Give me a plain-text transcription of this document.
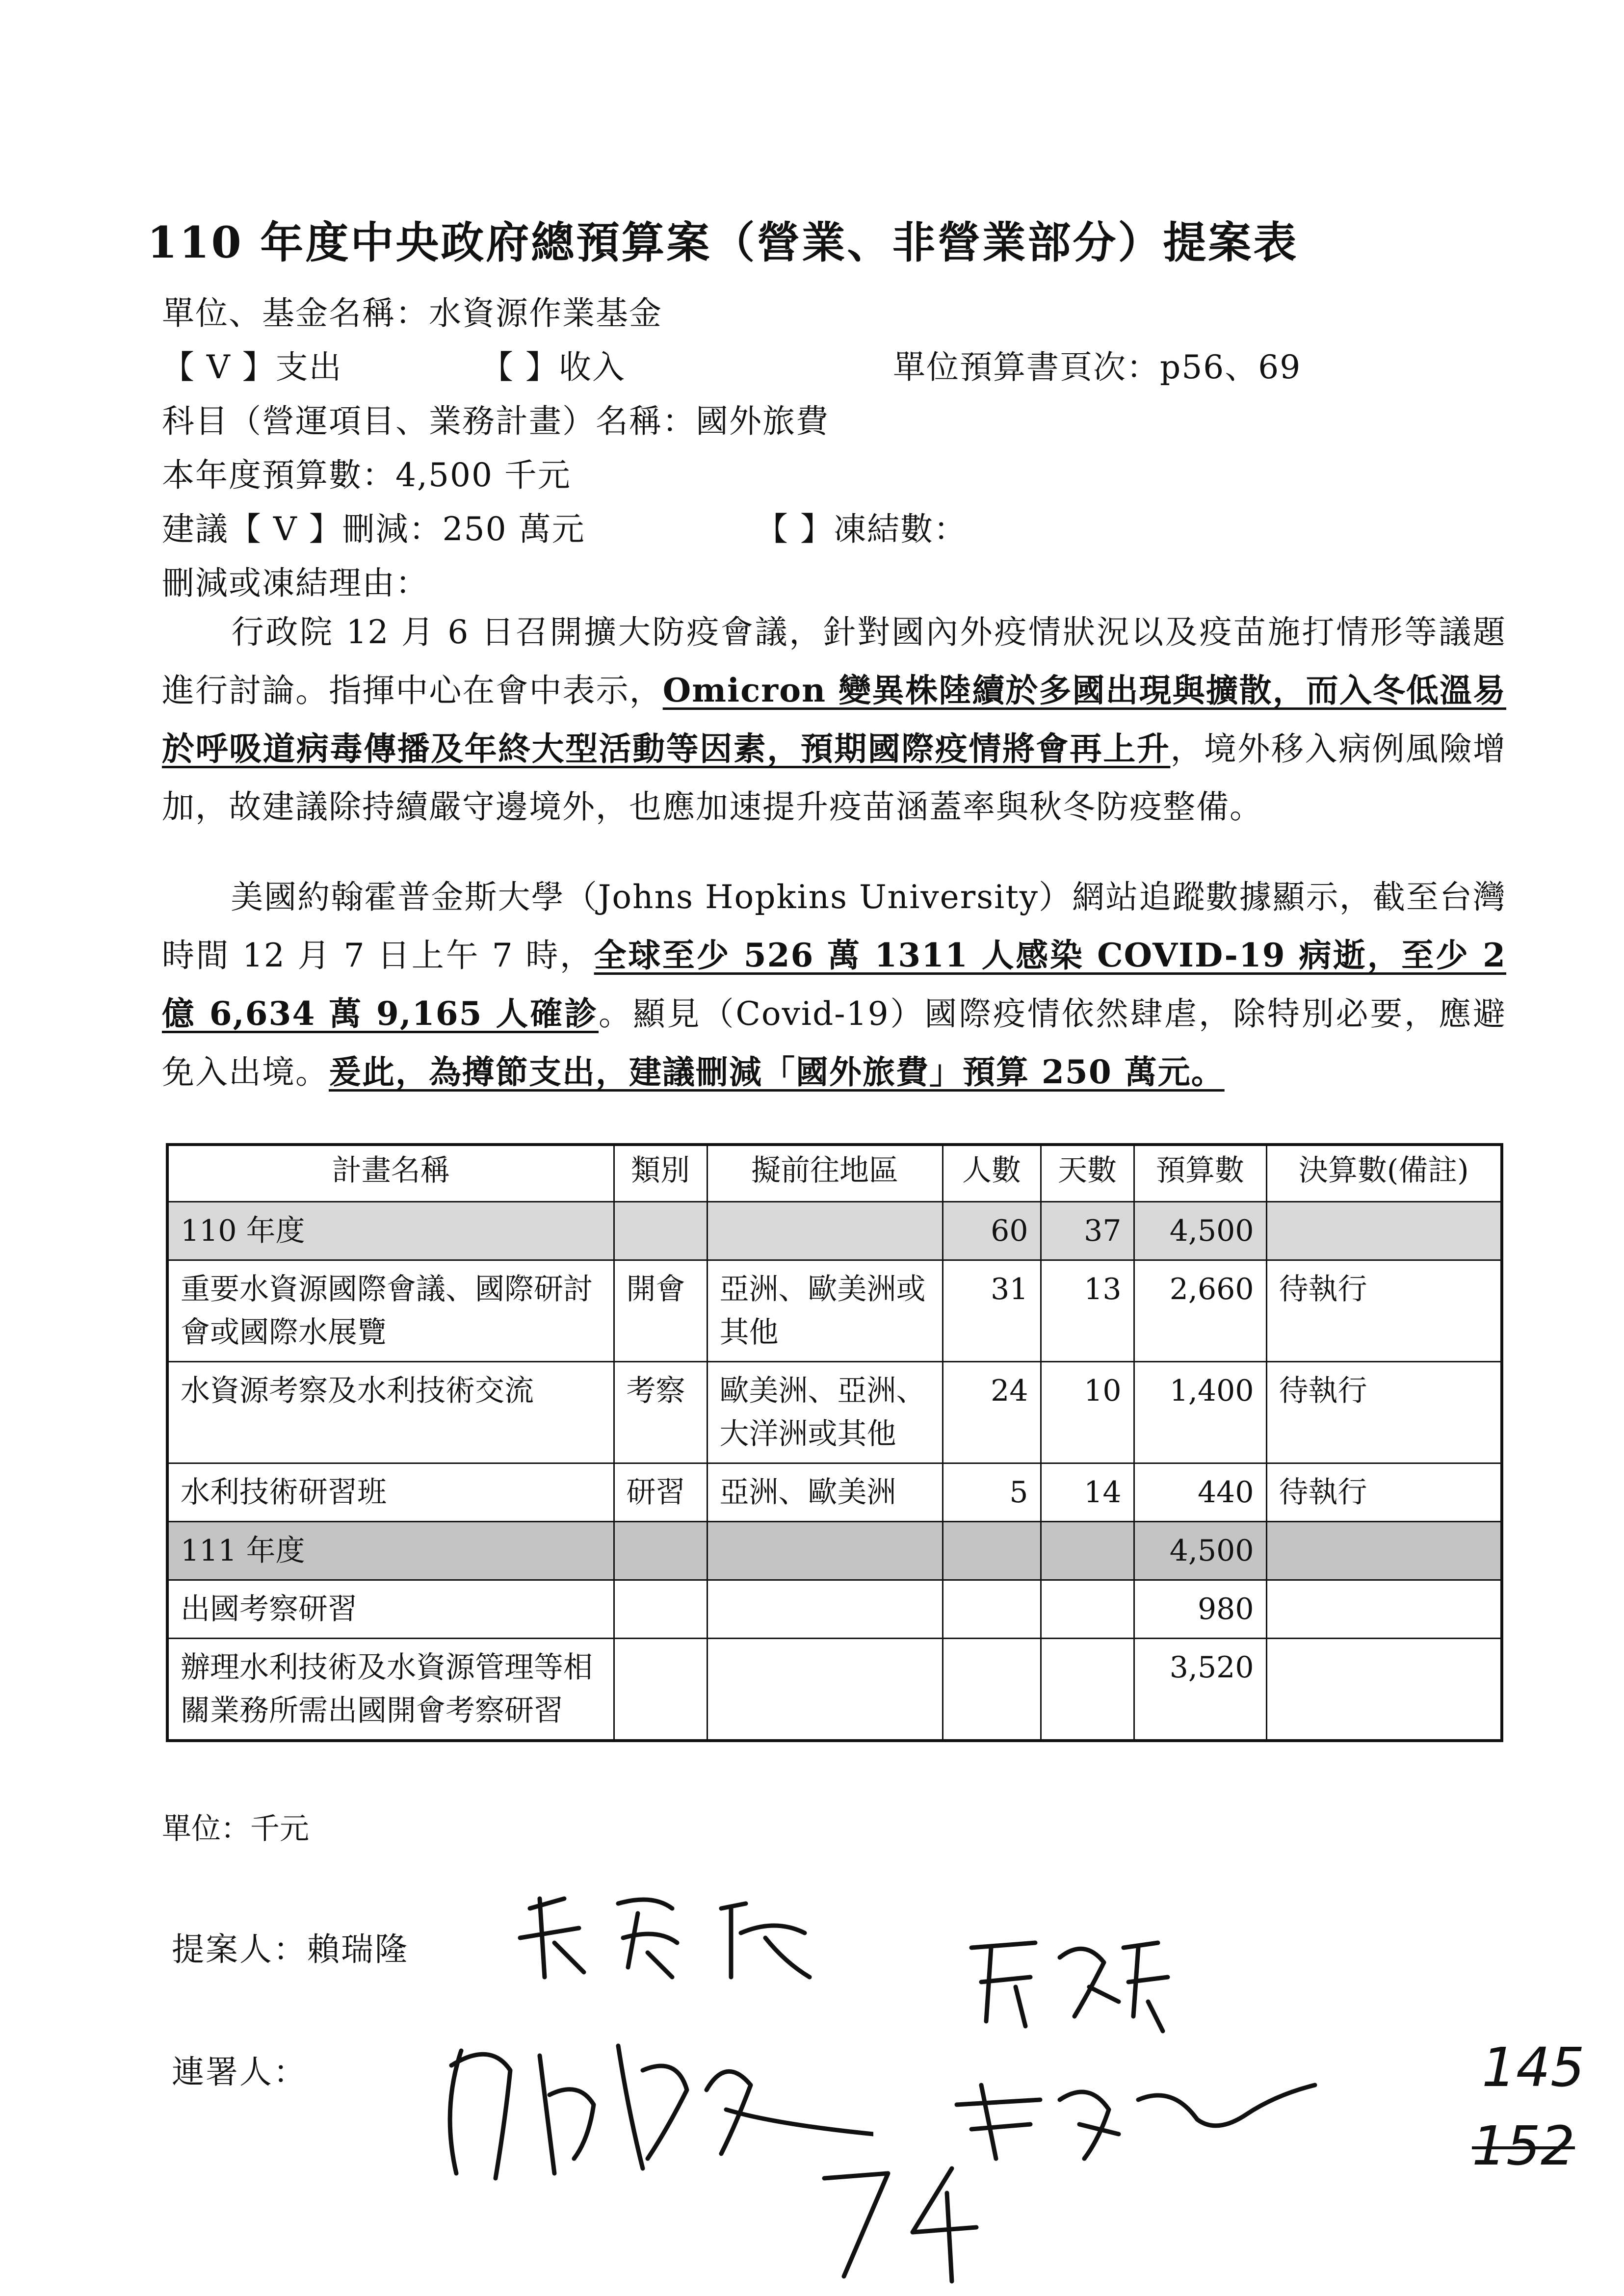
110 年度中央政府總預算案（營業、非營業部分）提案表
單位、基金名稱：水資源作業基金
【 V 】支出	【 】收入	單位預算書頁次：p56、69
科目（營運項目、業務計畫）名稱：國外旅費
本年度預算數：4,500 千元
建議【 V 】刪減：250 萬元	【 】凍結數：
刪減或凍結理由：
行政院 12 月 6 日召開擴大防疫會議，針對國內外疫情狀況以及疫苗施打情形等議題進行討論。指揮中心在會中表示，Omicron 變異株陸續於多國出現與擴散，而入冬低溫易於呼吸道病毒傳播及年終大型活動等因素，預期國際疫情將會再上升，境外移入病例風險增加，故建議除持續嚴守邊境外，也應加速提升疫苗涵蓋率與秋冬防疫整備。
美國約翰霍普金斯大學（Johns Hopkins University）網站追蹤數據顯示，截至台灣時間 12 月 7 日上午 7 時，全球至少 526 萬 1311 人感染 COVID-19 病逝，至少 2 億 6,634 萬 9,165 人確診。顯見（Covid-19）國際疫情依然肆虐，除特別必要，應避免入出境。爰此，為撙節支出，建議刪減「國外旅費」預算 250 萬元。
計畫名稱	類別	擬前往地區	人數	天數	預算數	決算數(備註)
110 年度			60	37	4,500	
重要水資源國際會議、國際研討會或國際水展覽	開會	亞洲、歐美洲或其他	31	13	2,660	待執行
水資源考察及水利技術交流	考察	歐美洲、亞洲、大洋洲或其他	24	10	1,400	待執行
水利技術研習班	研習	亞洲、歐美洲	5	14	440	待執行
111 年度					4,500	
出國考察研習					980	
辦理水利技術及水資源管理等相關業務所需出國開會考察研習					3,520	
單位：千元
提案人：賴瑞隆
連署人：	145
152
